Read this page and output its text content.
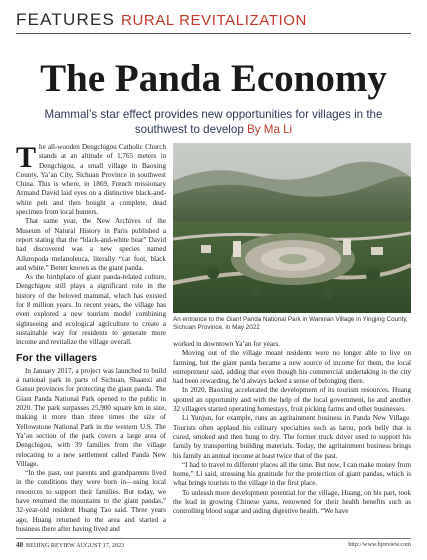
FEATURES RURAL REVITALIZATION
The Panda Economy
Mammal’s star effect provides new opportunities for villages in the southwest to develop By Ma Li

The all-wooden Dengchigou Catholic Church stands at an altitude of 1,765 meters in Dengchigou, a small village in Baoxing County, Ya’an City, Sichuan Province in southwest China. This is where, in 1869, French missionary Armand David laid eyes on a distinctive black-and-white pelt and then bought a complete, dead specimen from local hunters.

That same year, the New Archives of the Museum of Natural History in Paris published a report stating that the “black-and-white bear” David had discovered was a new species named Ailuropoda melanoleuca, literally “cat foot, black and white.” Better known as the giant panda.

As the birthplace of giant panda-related culture, Dengchigou still plays a significant role in the history of the beloved mammal, which has existed for 8 million years. In recent years, the village has even explored a new tourism model combining sightseeing and ecological agriculture to create a sustainable way for residents to generate more income and revitalize the village overall.

For the villagers

In January 2017, a project was launched to build a national park in parts of Sichuan, Shaanxi and Gansu provinces for protecting the giant panda. The Giant Panda National Park opened to the public in 2020. The park surpasses 25,900 square km in size, making it more than three times the size of Yellowstone National Park in the western U.S. The Ya’an section of the park covers a large area of Dengchigou, with 39 families from the village relocating to a new settlement called Panda New Village.

“In the past, our parents and grandparents lived in the conditions they were born in—using local resources to support their families. But today, we have returned the mountains to the giant pandas,” 32-year-old resident Huang Tao said. Three years ago, Huang returned to the area and started a business there after having lived and

An entrance to the Giant Panda National Park in Wannian Village in Yingjing County, Sichuan Province, in May 2022

worked in downtown Ya’an for years.

Moving out of the village meant residents were no longer able to live on farming, but the giant panda became a new source of income for them, the local entrepreneur said, adding that even though his commercial undertaking in the city had been rewarding, he’d always lacked a sense of belonging there.

In 2020, Baoxing accelerated the development of its tourism resources. Huang spotted an opportunity and with the help of the local government, he and another 32 villagers started operating homestays, fruit picking farms and other businesses.

Li Yunjun, for example, runs an agritainment business in Panda New Village. Tourists often applaud his culinary specialties such as larou, pork belly that is cured, smoked and then hung to dry. The former truck driver used to support his family by transporting building materials. Today, the agritainment business brings his family an annual income at least twice that of the past.

“I had to travel to different places all the time. But now, I can make money from home,” Li said, stressing his gratitude for the protection of giant pandas, which is what brings tourists to the village in the first place.

To unleash more development potential for the village, Huang, on his part, took the lead in growing Chinese yams, renowned for their health benefits such as controlling blood sugar and aiding digestive health. “We have

40 BEIJING REVIEW AUGUST 17, 2023	http://www.bjreview.com
